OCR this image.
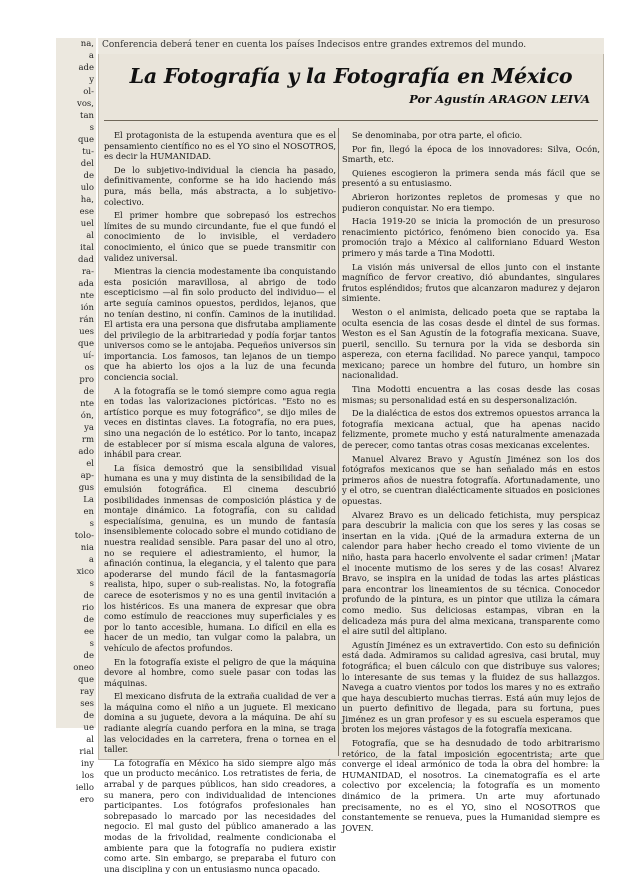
na,
a
ade
y
ol-
vos,
tan
s
que
tu-
del
de
ulo
ha,
ese
uel
al
ital
dad
ra-
ada
nte
ión
rán
ues
que
uí-
os
pro
de
nte
ón,
ya
rm
ado
el
ap-
gus
La
en
s
tolo-
nia
a
xico
s
de
rio
de
ee
s
de
oneo
que
ray
ses
de
ue
al
rial
iny
los
iello
ero
Conferencia deberá tener en cuenta los países Indecisos entre grandes extremos del mundo.
La Fotografía y la Fotografía en México
Por Agustín ARAGON LEIVA

El protagonista de la estupenda aventura que es el pensamiento científico no es el YO sino el NOSOTROS, es decir la HUMANIDAD.

De lo subjetivo-individual la ciencia ha pasado, definitivamente, conforme se ha ido haciendo más pura, más bella, más abstracta, a lo subjetivo-colectivo.

El primer hombre que sobrepasó los estrechos límites de su mundo circundante, fue el que fundó el conocimiento de lo invisible, el verdadero conocimiento, el único que se puede transmitir con validez universal.

Mientras la ciencia modestamente iba conquistando esta posición maravillosa, al abrigo de todo escepticismo —al fin solo producto del individuo— el arte seguía caminos opuestos, perdidos, lejanos, que no tenían destino, ni confín. Caminos de la inutilidad. El artista era una persona que disfrutaba ampliamente del privilegio de la arbitrariedad y podía forjar tantos universos como se le antojaba. Pequeños universos sin importancia. Los famosos, tan lejanos de un tiempo que ha abierto los ojos a la luz de una fecunda conciencia social.

A la fotografía se le tomó siempre como agua regia en todas las valorizaciones pictóricas. "Esto no es artístico porque es muy fotográfico", se dijo miles de veces en distintas claves. La fotografía, no era pues, sino una negación de lo estético. Por lo tanto, incapaz de establecer por sí misma escala alguna de valores, inhábil para crear.

La física demostró que la sensibilidad visual humana es una y muy distinta de la sensibilidad de la emulsión fotográfica. El cinema descubrió posibilidades inmensas de composición plástica y de montaje dinámico. La fotografía, con su calidad especialísima, genuina, es un mundo de fantasía insensiblemente colocado sobre el mundo cotidiano de nuestra realidad sensible. Para pasar del uno al otro, no se requiere el adiestramiento, el humor, la afinación continua, la elegancia, y el talento que para apoderarse del mundo fácil de la fantasmagoría realista, hipo, super o sub-realistas. No, la fotografía carece de esoterismos y no es una gentil invitación a los histéricos. Es una manera de expresar que obra como estímulo de reacciones muy superficiales y es por lo tanto accesible, humana. Lo difícil en ella es hacer de un medio, tan vulgar como la palabra, un vehículo de afectos profundos.

En la fotografía existe el peligro de que la máquina devore al hombre, como suele pasar con todas las máquinas.

El mexicano disfruta de la extraña cualidad de ver a la máquina como el niño a un juguete. El mexicano domina a su juguete, devora a la máquina. De ahí su radiante alegría cuando perfora en la mina, se traga las velocidades en la carretera, frena o tornea en el taller.

La fotografía en México ha sido siempre algo más que un producto mecánico. Los retratistes de feria, de arrabal y de parques públicos, han sido creadores, a su manera, pero con individualidad de intenciones participantes. Los fotógrafos profesionales han sobrepasado lo marcado por las necesidades del negocio. El mal gusto del público amanerado a las modas de la frivolidad, realmente condicionaba el ambiente para que la fotografía no pudiera existir como arte. Sin embargo, se preparaba el futuro con una disciplina y con un entusiasmo nunca opacado.

Se denominaba, por otra parte, el oficio.

Por fin, llegó la época de los innovadores: Silva, Ocón, Smarth, etc.

Quienes escogieron la primera senda más fácil que se presentó a su entusiasmo.

Abrieron horizontes repletos de promesas y que no pudieron conquistar. No era tiempo.

Hacia 1919-20 se inicia la promoción de un presuroso renacimiento pictórico, fenómeno bien conocido ya. Esa promoción trajo a México al californiano Eduard Weston primero y más tarde a Tina Modotti.

La visión más universal de ellos junto con el instante magnífico de fervor creativo, dió abundantes, singulares frutos espléndidos; frutos que alcanzaron madurez y dejaron simiente.

Weston o el animista, delicado poeta que se raptaba la oculta esencia de las cosas desde el dintel de sus formas. Weston es el San Agustín de la fotografía mexicana. Suave, pueril, sencillo. Su ternura por la vida se desborda sin aspereza, con eterna facilidad. No parece yanqui, tampoco mexicano; parece un hombre del futuro, un hombre sin nacionalidad.

Tina Modotti encuentra a las cosas desde las cosas mismas; su personalidad está en su despersonalización.

De la dialéctica de estos dos extremos opuestos arranca la fotografía mexicana actual, que ha apenas nacido felizmente, promete mucho y está naturalmente amenazada de perecer, como tantas otras cosas mexicanas excelentes.

Manuel Alvarez Bravo y Agustín Jiménez son los dos fotógrafos mexicanos que se han señalado más en estos primeros años de nuestra fotografía. Afortunadamente, uno y el otro, se cuentran dialécticamente situados en posiciones opuestas.

Alvarez Bravo es un delicado fetichista, muy perspicaz para descubrir la malicia con que los seres y las cosas se insertan en la vida. ¡Qué de la armadura externa de un calendor para haber hecho creado el tomo viviente de un niño, hasta para hacerlo envolvente el sadar crimen! ¡Matar el inocente mutismo de los seres y de las cosas! Alvarez Bravo, se inspira en la unidad de todas las artes plásticas para encontrar los lineamientos de su técnica. Conocedor profundo de la pintura, es un pintor que utiliza la cámara como medio. Sus deliciosas estampas, vibran en la delicadeza más pura del alma mexicana, transparente como el aire sutil del altiplano.

Agustín Jiménez es un extravertido. Con esto su definición está dada. Admiramos su calidad agresiva, casi brutal, muy fotográfica; el buen cálculo con que distribuye sus valores; lo interesante de sus temas y la fluidez de sus hallazgos. Navega a cuatro vientos por todos los mares y no es extraño que haya descubierto muchas tierras. Está aún muy lejos de un puerto definitivo de llegada, para su fortuna, pues Jiménez es un gran profesor y es su escuela esperamos que broten los mejores vástagos de la fotografía mexicana.

Fotografía, que se ha desnudado de todo arbitrarismo retórico, de la fatal imposición egocentrista; arte que converge el ideal armónico de toda la obra del hombre: la HUMANIDAD, el nosotros. La cinematografía es el arte colectivo por excelencia; la fotografía es un momento dinámico de la primera. Un arte muy afortunado precisamente, no es el YO, sino el NOSOTROS que constantemente se renueva, pues la Humanidad siempre es JOVEN.
